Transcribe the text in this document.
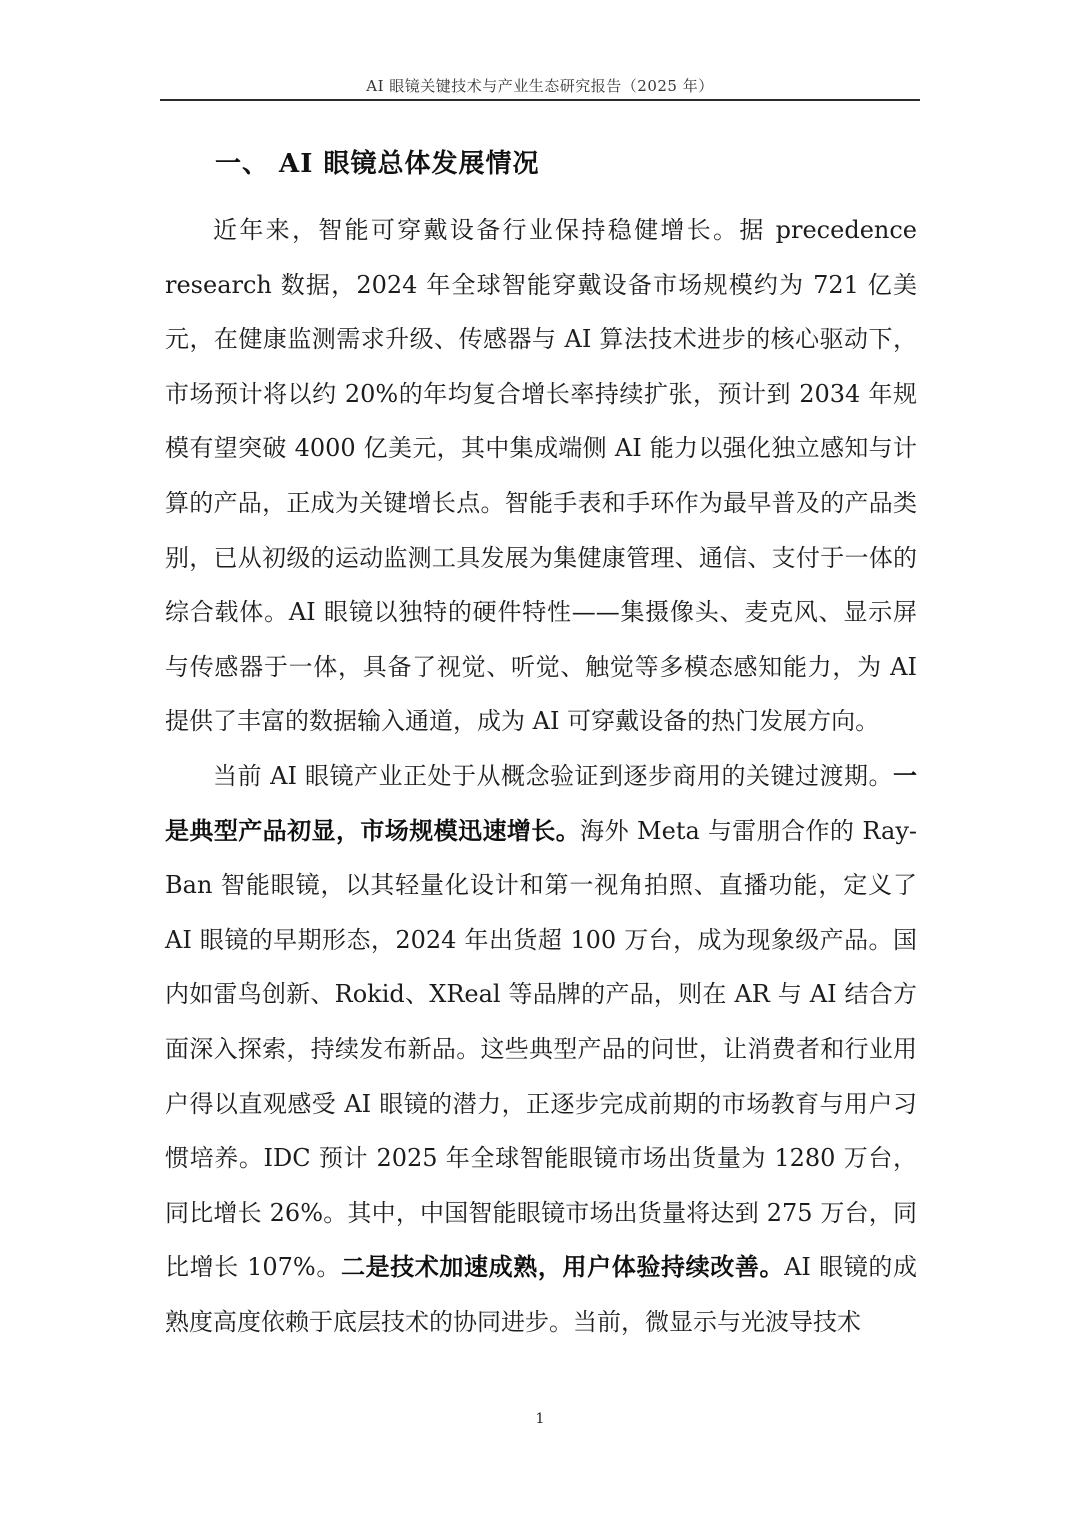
AI 眼镜关键技术与产业生态研究报告（2025 年）
一、 AI 眼镜总体发展情况

近年来，智能可穿戴设备行业保持稳健增长。据 precedence research 数据，2024 年全球智能穿戴设备市场规模约为 721 亿美元，在健康监测需求升级、传感器与 AI 算法技术进步的核心驱动下，市场预计将以约 20%的年均复合增长率持续扩张，预计到 2034 年规模有望突破 4000 亿美元，其中集成端侧 AI 能力以强化独立感知与计算的产品，正成为关键增长点。智能手表和手环作为最早普及的产品类别，已从初级的运动监测工具发展为集健康管理、通信、支付于一体的综合载体。AI 眼镜以独特的硬件特性——集摄像头、麦克风、显示屏与传感器于一体，具备了视觉、听觉、触觉等多模态感知能力，为 AI 提供了丰富的数据输入通道，成为 AI 可穿戴设备的热门发展方向。

当前 AI 眼镜产业正处于从概念验证到逐步商用的关键过渡期。一是典型产品初显，市场规模迅速增长。海外 Meta 与雷朋合作的 Ray-Ban 智能眼镜，以其轻量化设计和第一视角拍照、直播功能，定义了 AI 眼镜的早期形态，2024 年出货超 100 万台，成为现象级产品。国内如雷鸟创新、Rokid、XReal 等品牌的产品，则在 AR 与 AI 结合方面深入探索，持续发布新品。这些典型产品的问世，让消费者和行业用户得以直观感受 AI 眼镜的潜力，正逐步完成前期的市场教育与用户习惯培养。IDC 预计 2025 年全球智能眼镜市场出货量为 1280 万台，同比增长 26%。其中，中国智能眼镜市场出货量将达到 275 万台，同比增长 107%。二是技术加速成熟，用户体验持续改善。AI 眼镜的成熟度高度依赖于底层技术的协同进步。当前，微显示与光波导技术

1
